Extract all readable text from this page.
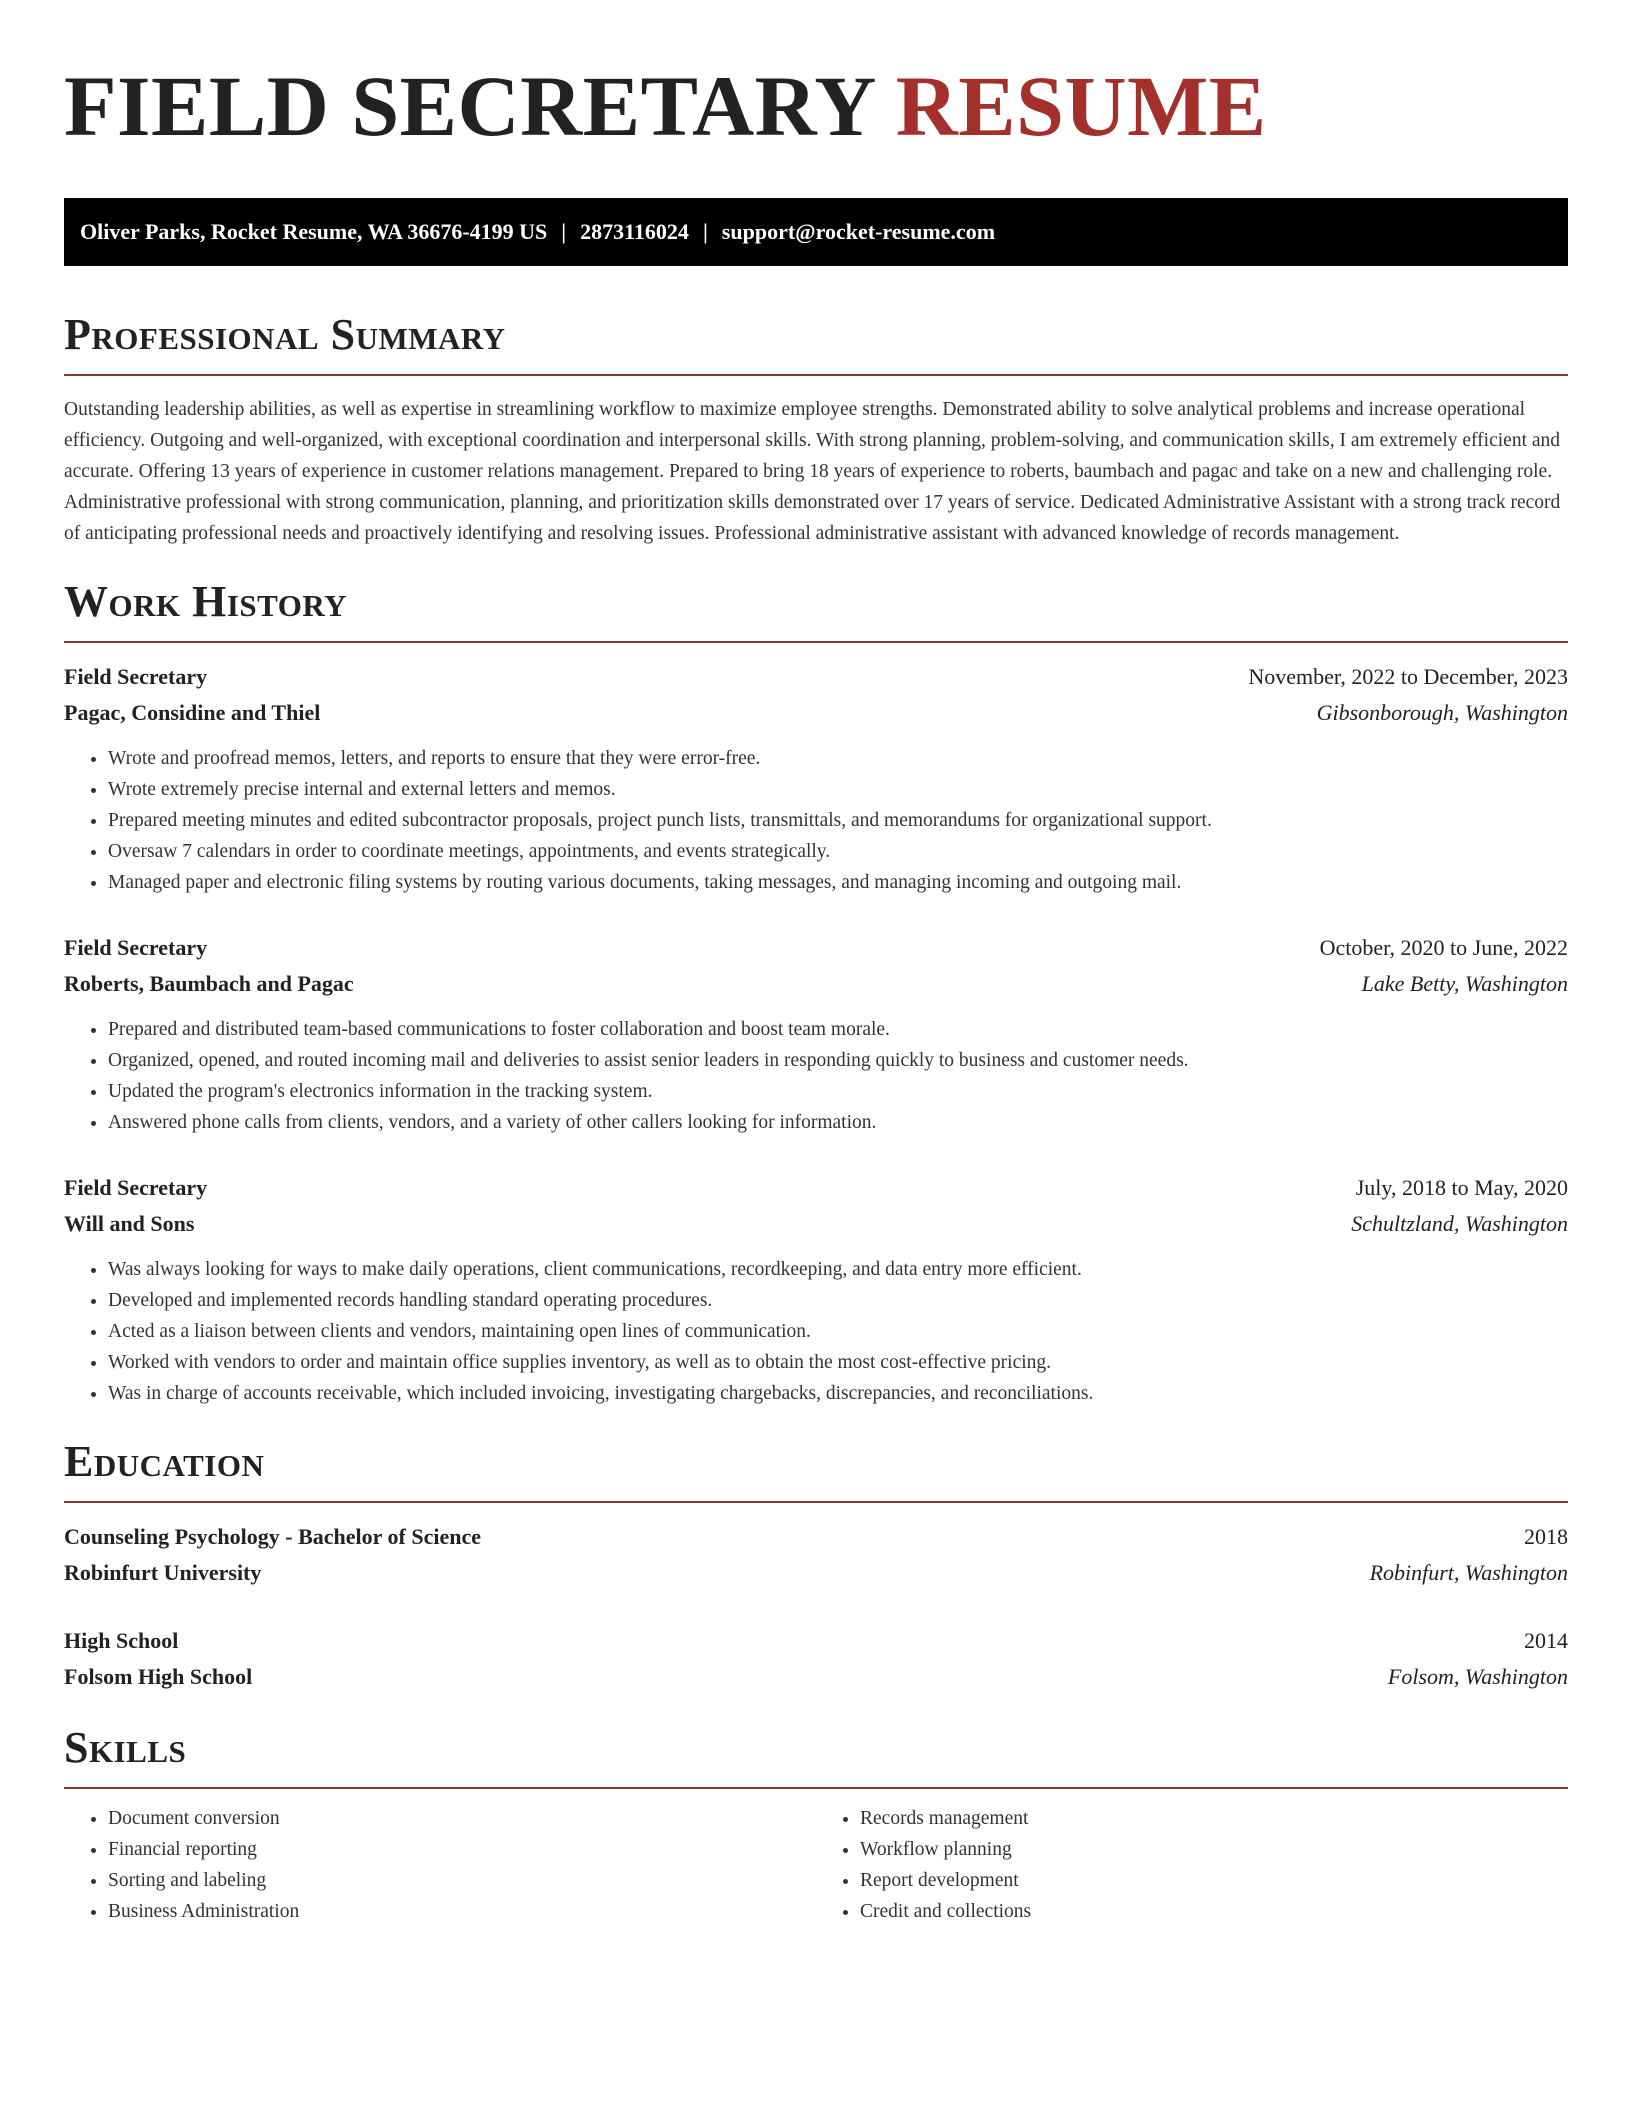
FIELD SECRETARY RESUME
Oliver Parks, Rocket Resume, WA 36676-4199 US | 2873116024 | support@rocket-resume.com
Professional Summary

Outstanding leadership abilities, as well as expertise in streamlining workflow to maximize employee strengths. Demonstrated ability to solve analytical problems and increase operational efficiency. Outgoing and well-organized, with exceptional coordination and interpersonal skills. With strong planning, problem-solving, and communication skills, I am extremely efficient and accurate. Offering 13 years of experience in customer relations management. Prepared to bring 18 years of experience to roberts, baumbach and pagac and take on a new and challenging role. Administrative professional with strong communication, planning, and prioritization skills demonstrated over 17 years of service. Dedicated Administrative Assistant with a strong track record of anticipating professional needs and proactively identifying and resolving issues. Professional administrative assistant with advanced knowledge of records management.

Work History
Field Secretary	November, 2022 to December, 2023
Pagac, Considine and Thiel	Gibsonborough, Washington
• Wrote and proofread memos, letters, and reports to ensure that they were error-free.
• Wrote extremely precise internal and external letters and memos.
• Prepared meeting minutes and edited subcontractor proposals, project punch lists, transmittals, and memorandums for organizational support.
• Oversaw 7 calendars in order to coordinate meetings, appointments, and events strategically.
• Managed paper and electronic filing systems by routing various documents, taking messages, and managing incoming and outgoing mail.
Field Secretary	October, 2020 to June, 2022
Roberts, Baumbach and Pagac	Lake Betty, Washington
• Prepared and distributed team-based communications to foster collaboration and boost team morale.
• Organized, opened, and routed incoming mail and deliveries to assist senior leaders in responding quickly to business and customer needs.
• Updated the program's electronics information in the tracking system.
• Answered phone calls from clients, vendors, and a variety of other callers looking for information.
Field Secretary	July, 2018 to May, 2020
Will and Sons	Schultzland, Washington
• Was always looking for ways to make daily operations, client communications, recordkeeping, and data entry more efficient.
• Developed and implemented records handling standard operating procedures.
• Acted as a liaison between clients and vendors, maintaining open lines of communication.
• Worked with vendors to order and maintain office supplies inventory, as well as to obtain the most cost-effective pricing.
• Was in charge of accounts receivable, which included invoicing, investigating chargebacks, discrepancies, and reconciliations.
Education
Counseling Psychology - Bachelor of Science	2018
Robinfurt University	Robinfurt, Washington
High School	2014
Folsom High School	Folsom, Washington
Skills
• Document conversion
• Financial reporting
• Sorting and labeling
• Business Administration
• Records management
• Workflow planning
• Report development
• Credit and collections
